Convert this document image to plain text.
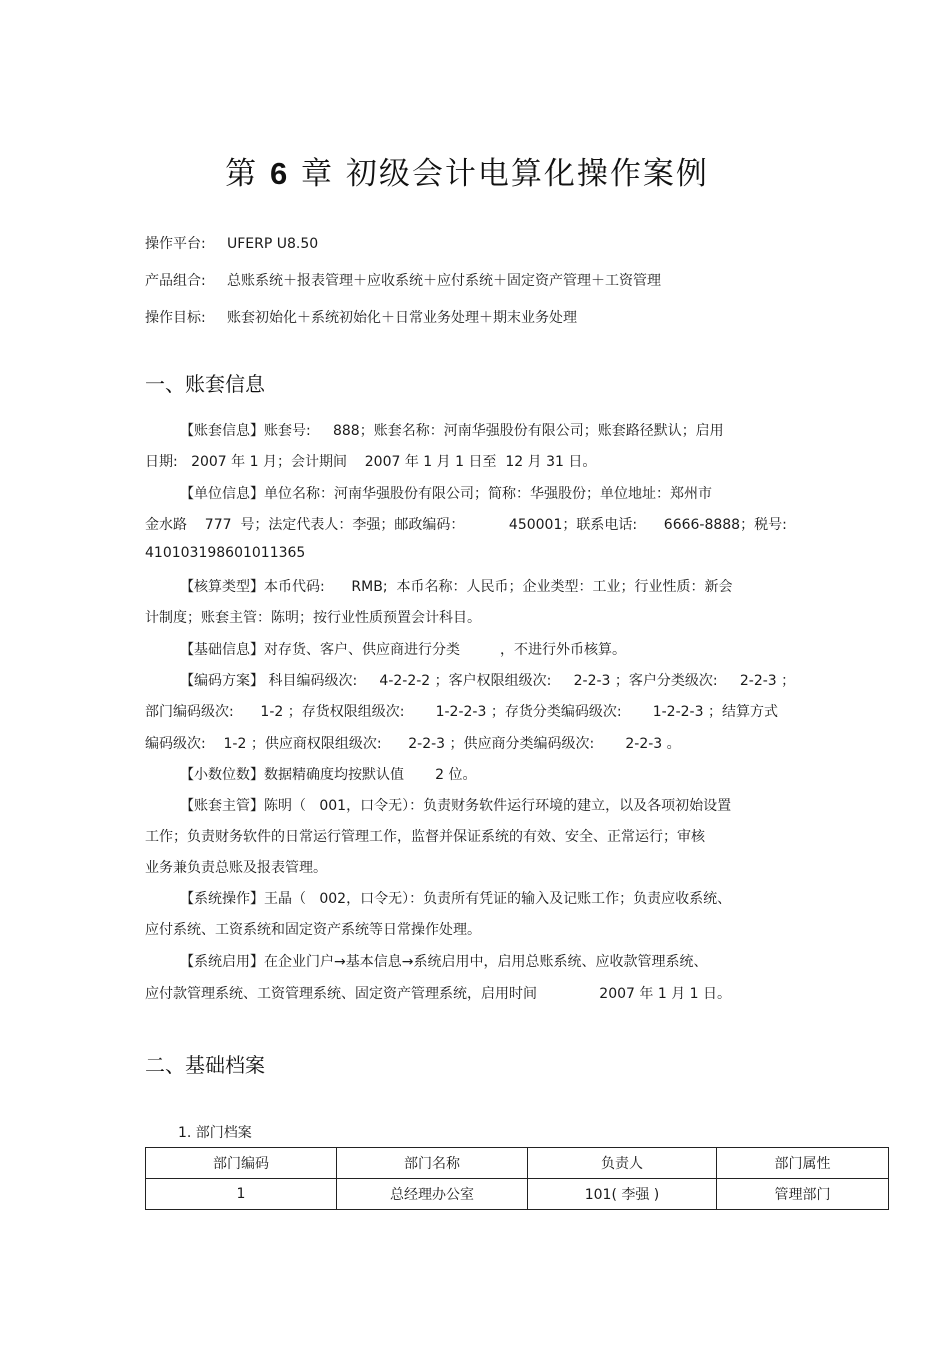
第 6 章 初级会计电算化操作案例
操作平台: UFERP U8.50
产品组合: 总账系统＋报表管理＋应收系统＋应付系统＋固定资产管理＋工资管理
操作目标: 账套初始化＋系统初始化＋日常业务处理＋期末业务处理
一、账套信息
【账套信息】账套号:     888；账套名称：河南华强股份有限公司；账套路径默认；启用
日期:   2007 年 1 月；会计期间    2007 年 1 月 1 日至  12 月 31 日。
【单位信息】单位名称：河南华强股份有限公司；简称：华强股份；单位地址：郑州市
金水路    777  号；法定代表人：李强；邮政编码：          450001；联系电话:      6666-8888；税号:
410103198601011365
【核算类型】本币代码:      RMB;  本币名称：人民币；企业类型：工业；行业性质：新会
计制度；账套主管：陈明；按行业性质预置会计科目。
【基础信息】对存货、客户、供应商进行分类         ，不进行外币核算。
【编码方案】 科目编码级次:     4-2-2-2 ；客户权限组级次:     2-2-3 ；客户分类级次:     2-2-3 ；
部门编码级次:      1-2 ；存货权限组级次:       1-2-2-3 ；存货分类编码级次:       1-2-2-3 ；结算方式
编码级次:    1-2 ；供应商权限组级次:      2-2-3 ；供应商分类编码级次:       2-2-3 。
【小数位数】数据精确度均按默认值       2 位。
【账套主管】陈明（   001，口令无）：负责财务软件运行环境的建立，以及各项初始设置
工作；负责财务软件的日常运行管理工作，监督并保证系统的有效、安全、正常运行；审核
业务兼负责总账及报表管理。
【系统操作】王晶（   002，口令无）：负责所有凭证的输入及记账工作；负责应收系统、
应付系统、工资系统和固定资产系统等日常操作处理。
【系统启用】在企业门户→基本信息→系统启用中，启用总账系统、应收款管理系统、
应付款管理系统、工资管理系统、固定资产管理系统，启用时间              2007 年 1 月 1 日。
二、基础档案
1. 部门档案
部门编码	部门名称	负责人	部门属性
1	总经理办公室	101( 李强 )	管理部门
